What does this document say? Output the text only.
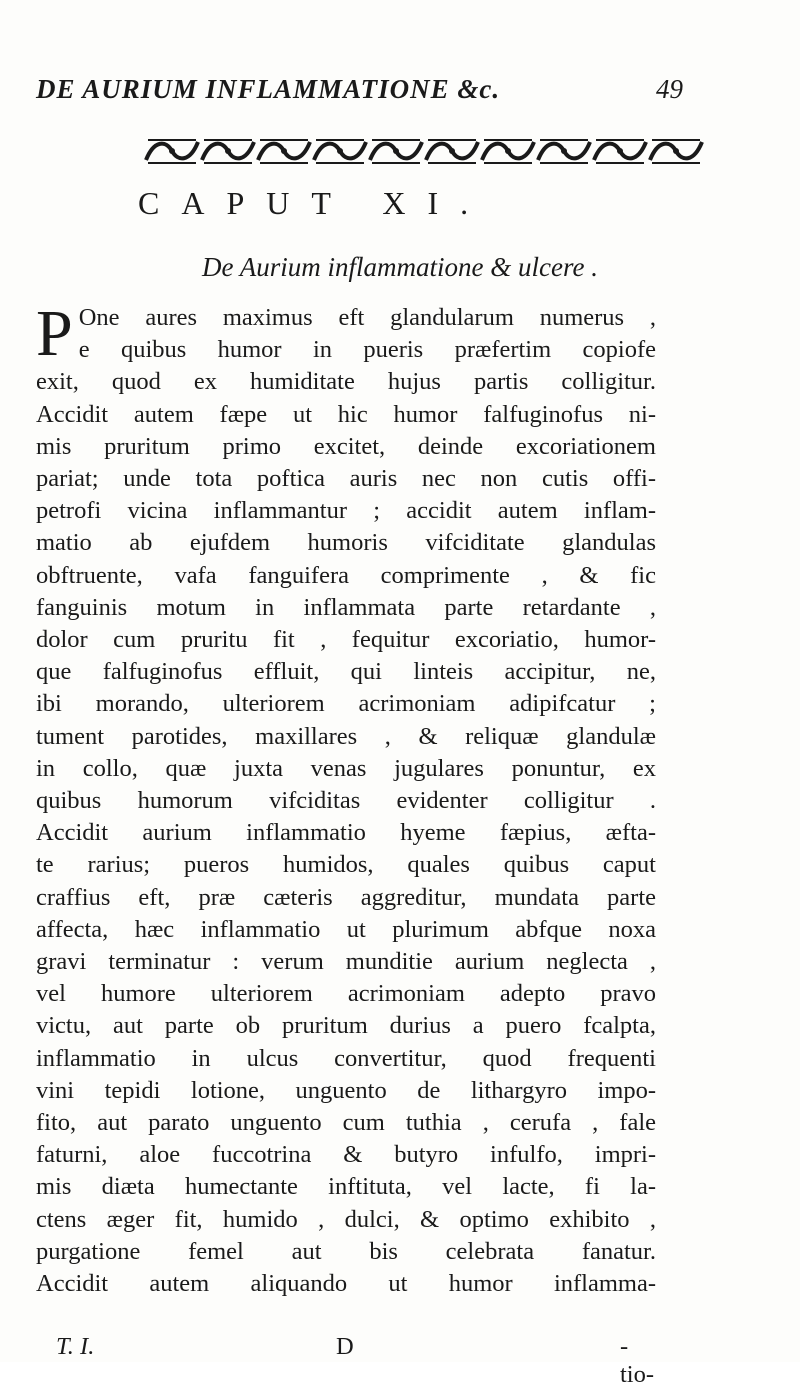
DE AURIUM INFLAMMATIONE &c.	49
CAPUT XI.
De Aurium inflammatione & ulcere .
P One aures maximus eft glandularum numerus ,

e quibus humor in pueris præfertim copiofe

exit, quod ex humiditate hujus partis colligitur.

Accidit autem fæpe ut hic humor falfuginofus ni-

mis pruritum primo excitet, deinde excoriationem

pariat; unde tota poftica auris nec non cutis offi-

petrofi vicina inflammantur ; accidit autem inflam-

matio ab ejufdem humoris vifciditate glandulas

obftruente, vafa fanguifera comprimente , & fic

fanguinis motum in inflammata parte retardante ,

dolor cum pruritu fit , fequitur excoriatio, humor-

que falfuginofus effluit, qui linteis accipitur, ne,

ibi morando, ulteriorem acrimoniam adipifcatur ;

tument parotides, maxillares , & reliquæ glandulæ

in collo, quæ juxta venas jugulares ponuntur, ex

quibus humorum vifciditas evidenter colligitur .

Accidit aurium inflammatio hyeme fæpius, æfta-

te rarius; pueros humidos, quales quibus caput

craffius eft, præ cæteris aggreditur, mundata parte

affecta, hæc inflammatio ut plurimum abfque noxa

gravi terminatur : verum munditie aurium neglecta ,

vel humore ulteriorem acrimoniam adepto pravo

victu, aut parte ob pruritum durius a puero fcalpta,

inflammatio in ulcus convertitur, quod frequenti

vini tepidi lotione, unguento de lithargyro impo-

fito, aut parato unguento cum tuthia , cerufa , fale

faturni, aloe fuccotrina & butyro infulfo, impri-

mis diæta humectante inftituta, vel lacte, fi la-

ctens æger fit, humido , dulci, & optimo exhibito ,

purgatione femel aut bis celebrata fanatur.

Accidit autem aliquando ut humor inflamma-

T. I.	D	-tio-
